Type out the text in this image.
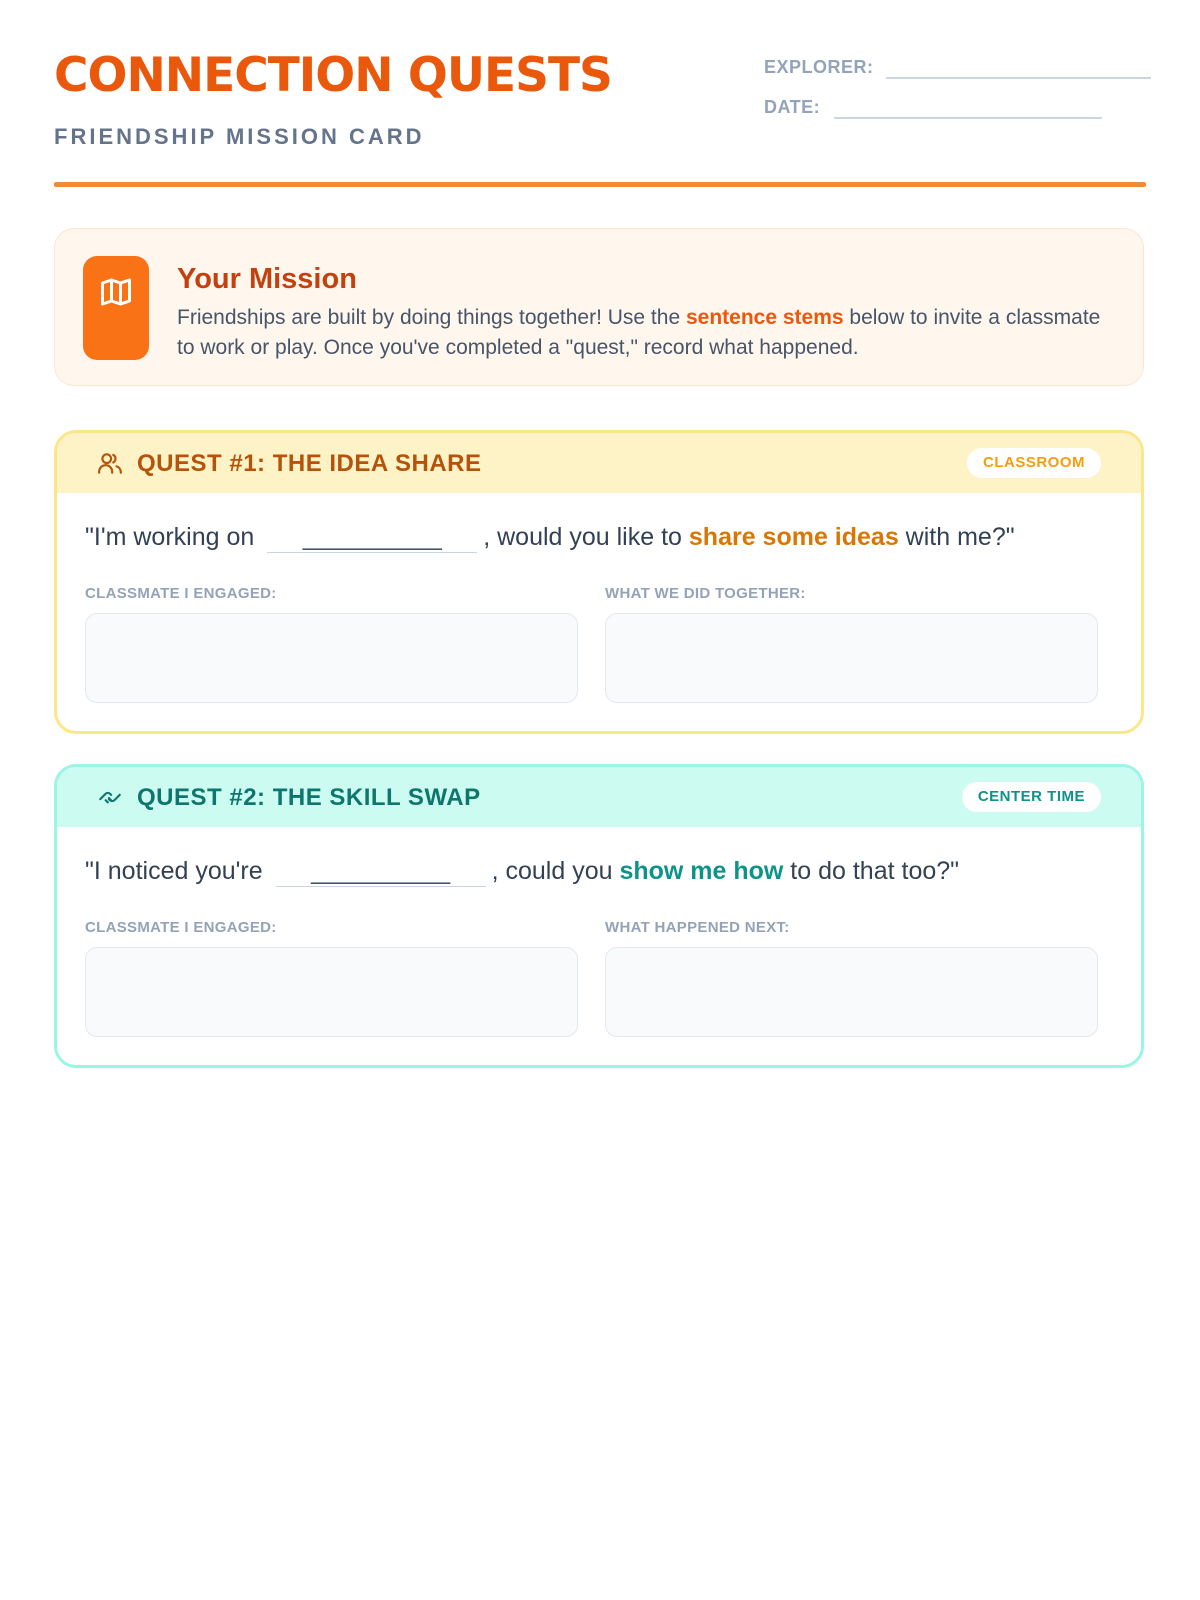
CONNECTION QUESTS

FRIENDSHIP MISSION CARD

EXPLORER:
DATE:
Your Mission

Friendships are built by doing things together! Use the sentence stems below to invite a classmate to work or play. Once you've completed a "quest," record what happened.

QUEST #1: THE IDEA SHARE	CLASSROOM

"I'm working on __________ , would you like to share some ideas with me?"

CLASSMATE I ENGAGED:	WHAT WE DID TOGETHER:

QUEST #2: THE SKILL SWAP	CENTER TIME

"I noticed you're __________ , could you show me how to do that too?"

CLASSMATE I ENGAGED:	WHAT HAPPENED NEXT:
